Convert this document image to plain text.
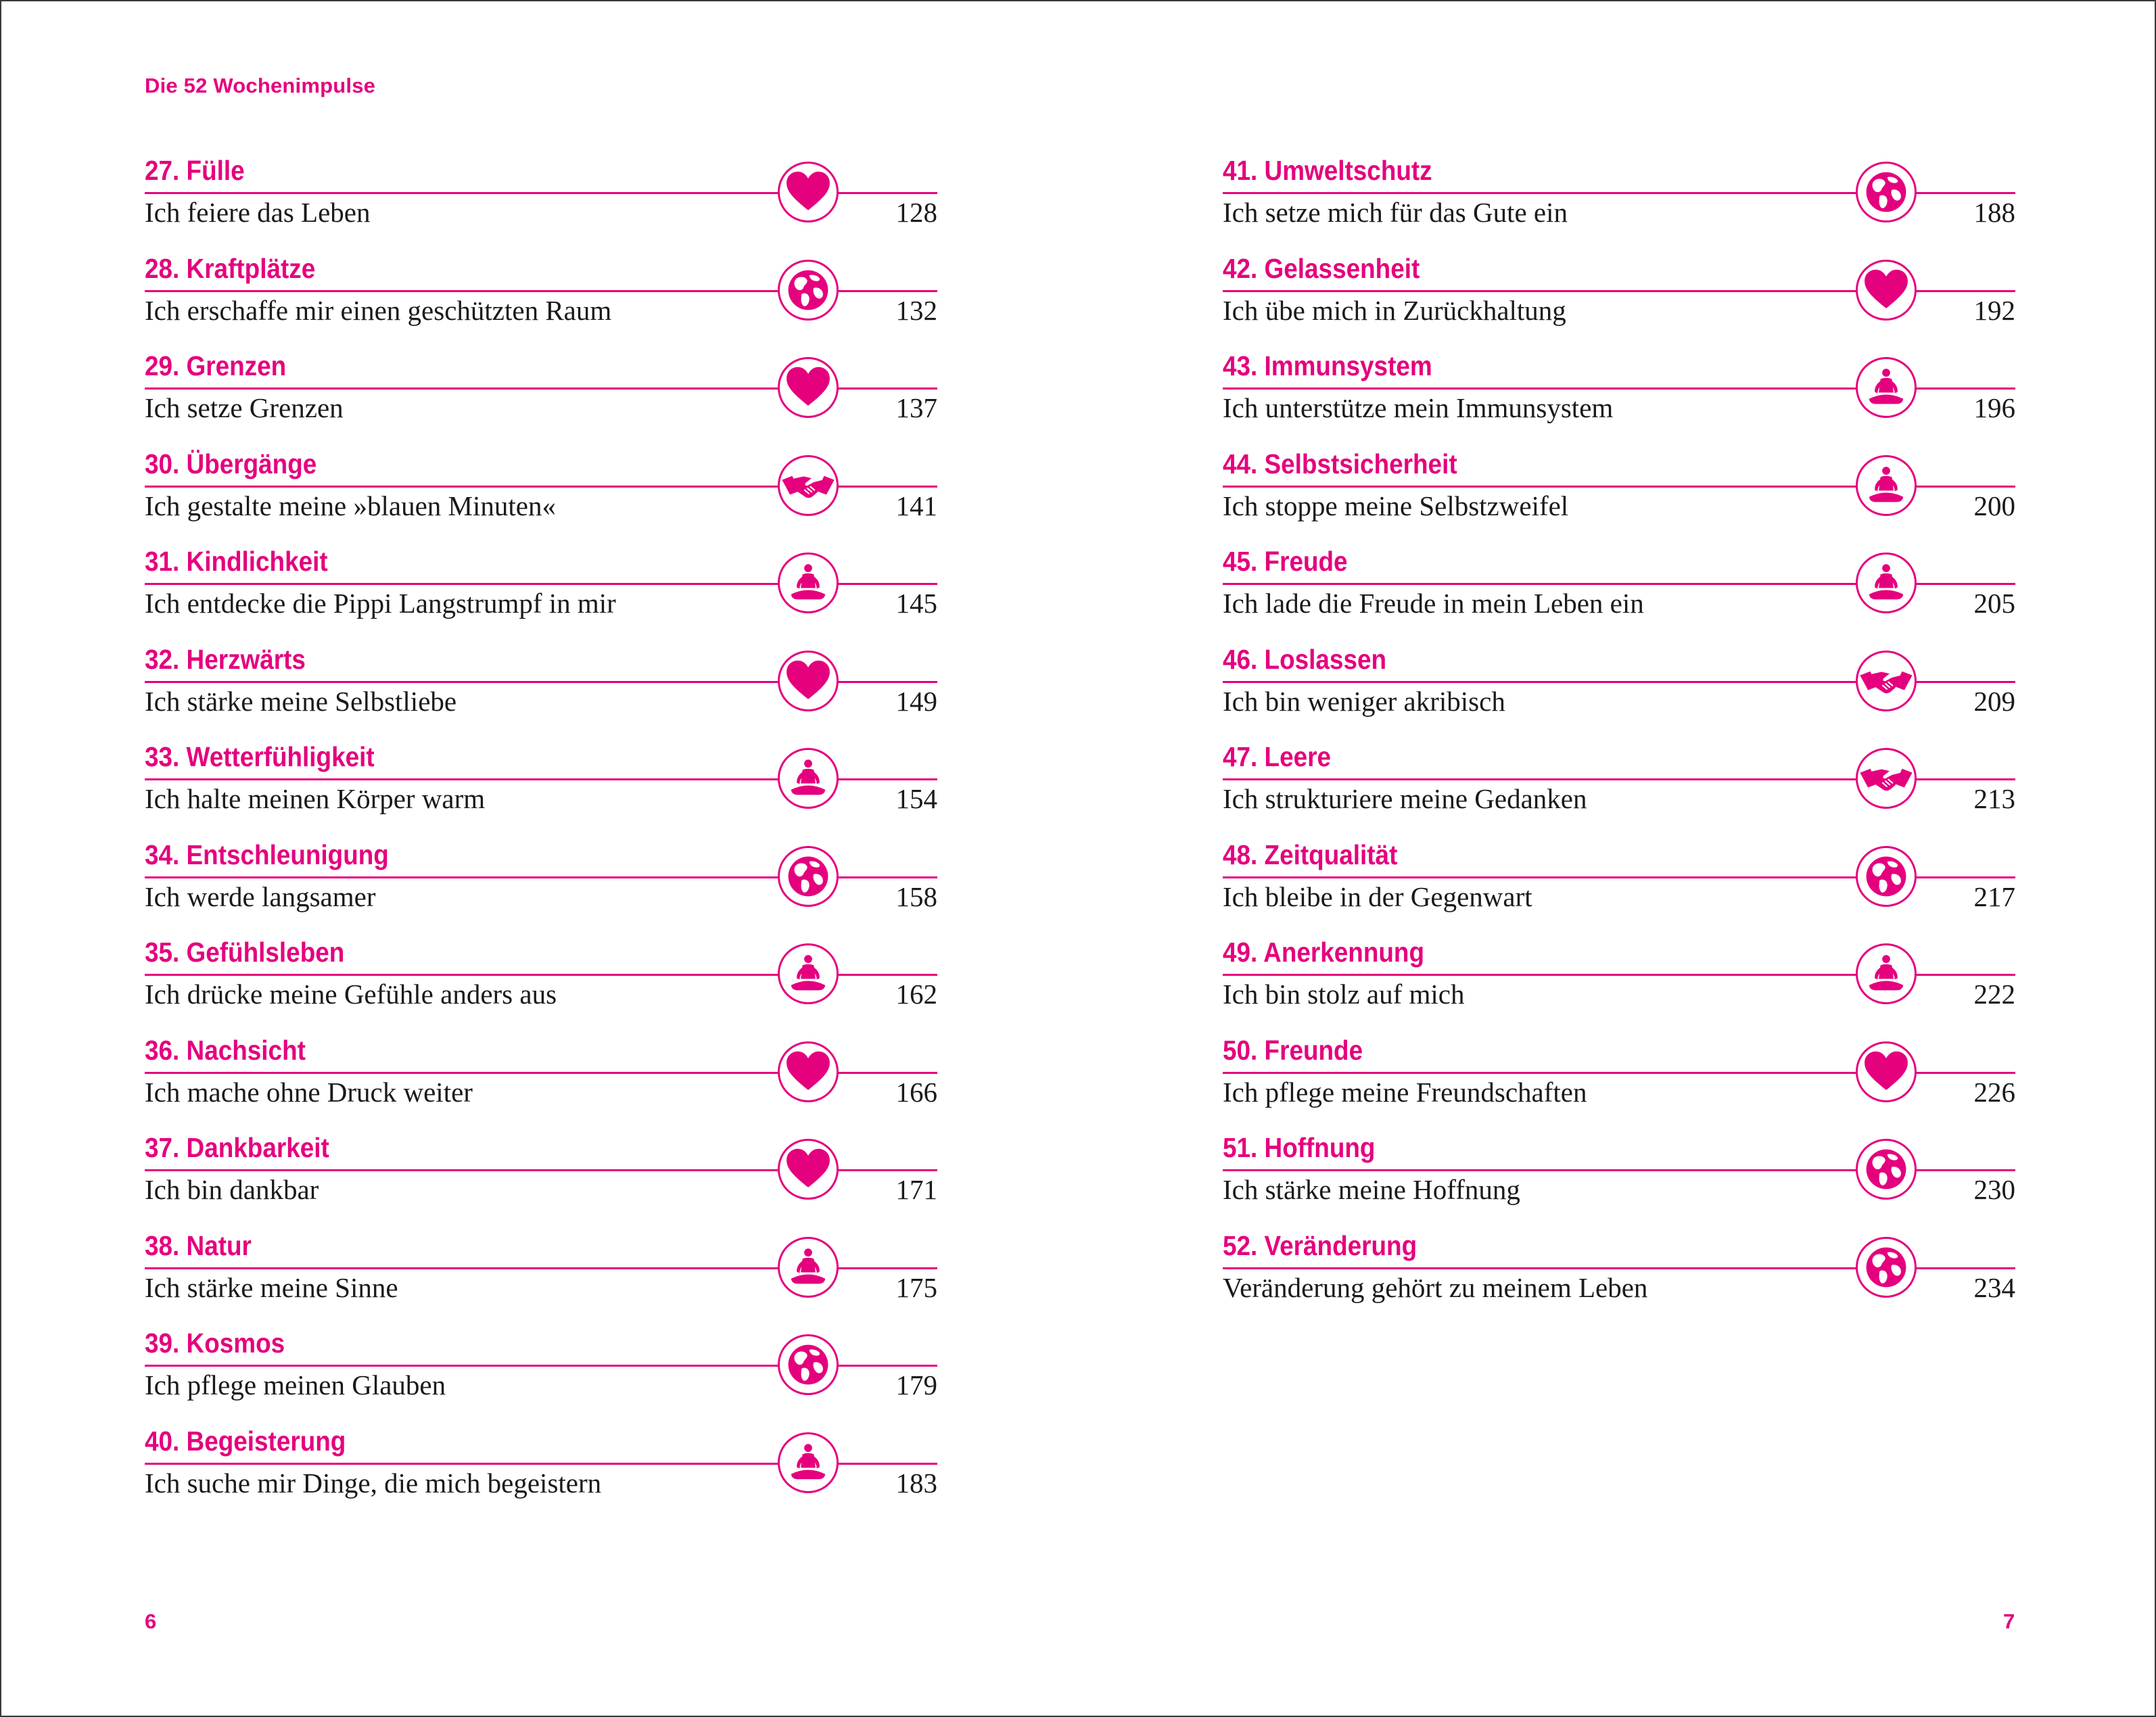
Die 52 Wochenimpulse
27. Fülle
Ich feiere das Leben	128
28. Kraftplätze
Ich erschaffe mir einen geschützten Raum	132
29. Grenzen
Ich setze Grenzen	137
30. Übergänge
Ich gestalte meine »blauen Minuten«	141
31. Kindlichkeit
Ich entdecke die Pippi Langstrumpf in mir	145
32. Herzwärts
Ich stärke meine Selbstliebe	149
33. Wetterfühligkeit
Ich halte meinen Körper warm	154
34. Entschleunigung
Ich werde langsamer	158
35. Gefühlsleben
Ich drücke meine Gefühle anders aus	162
36. Nachsicht
Ich mache ohne Druck weiter	166
37. Dankbarkeit
Ich bin dankbar	171
38. Natur
Ich stärke meine Sinne	175
39. Kosmos
Ich pflege meinen Glauben	179
40. Begeisterung
Ich suche mir Dinge, die mich begeistern	183
41. Umweltschutz
Ich setze mich für das Gute ein	188
42. Gelassenheit
Ich übe mich in Zurückhaltung	192
43. Immunsystem
Ich unterstütze mein Immunsystem	196
44. Selbstsicherheit
Ich stoppe meine Selbstzweifel	200
45. Freude
Ich lade die Freude in mein Leben ein	205
46. Loslassen
Ich bin weniger akribisch	209
47. Leere
Ich strukturiere meine Gedanken	213
48. Zeitqualität
Ich bleibe in der Gegenwart	217
49. Anerkennung
Ich bin stolz auf mich	222
50. Freunde
Ich pflege meine Freundschaften	226
51. Hoffnung
Ich stärke meine Hoffnung	230
52. Veränderung
Veränderung gehört zu meinem Leben	234
6	7
